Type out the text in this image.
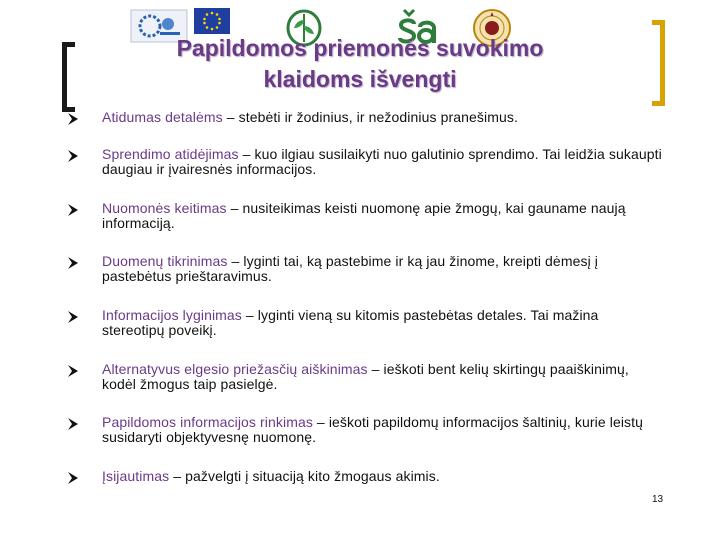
Papildomos priemonės suvokimo
klaidoms išvengti
Atidumas detalėms – stebėti ir žodinius, ir nežodinius pranešimus.
Sprendimo atidėjimas – kuo ilgiau susilaikyti nuo galutinio sprendimo. Tai leidžia sukaupti daugiau ir įvairesnės informacijos.
Nuomonės keitimas – nusiteikimas keisti nuomonę apie žmogų, kai gauname naują informaciją.
Duomenų tikrinimas – lyginti tai, ką pastebime ir ką jau žinome, kreipti dėmesį į pastebėtus prieštaravimus.
Informacijos lyginimas – lyginti vieną su kitomis pastebėtas detales. Tai mažina stereotipų poveikį.
Alternatyvus elgesio priežasčių aiškinimas – ieškoti bent kelių skirtingų paaiškinimų, kodėl žmogus taip pasielgė.
Papildomos informacijos rinkimas – ieškoti papildomų informacijos šaltinių, kurie leistų susidaryti objektyvesnę nuomonę.
Įsijautimas – pažvelgti į situaciją kito žmogaus akimis.
13
